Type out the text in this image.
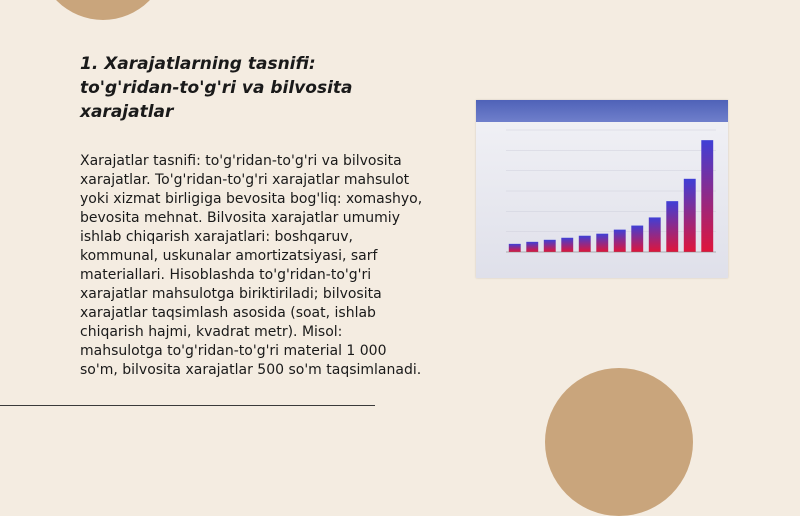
1. Xarajatlarning tasnifi: to'g'ridan-to'g'ri va bilvosita xarajatlar

Xarajatlar tasnifi: to'g'ridan-to'g'ri va bilvosita xarajatlar. To'g'ridan-to'g'ri xarajatlar mahsulot yoki xizmat birligiga bevosita bog'liq: xomashyo, bevosita mehnat. Bilvosita xarajatlar umumiy ishlab chiqarish xarajatlari: boshqaruv, kommunal, uskunalar amortizatsiyasi, sarf materiallari. Hisoblashda to'g'ridan-to'g'ri xarajatlar mahsulotga biriktiriladi; bilvosita xarajatlar taqsimlash asosida (soat, ishlab chiqarish hajmi, kvadrat metr). Misol: mahsulotga to'g'ridan-to'g'ri material 1 000 so'm, bilvosita xarajatlar 500 so'm taqsimlanadi.
